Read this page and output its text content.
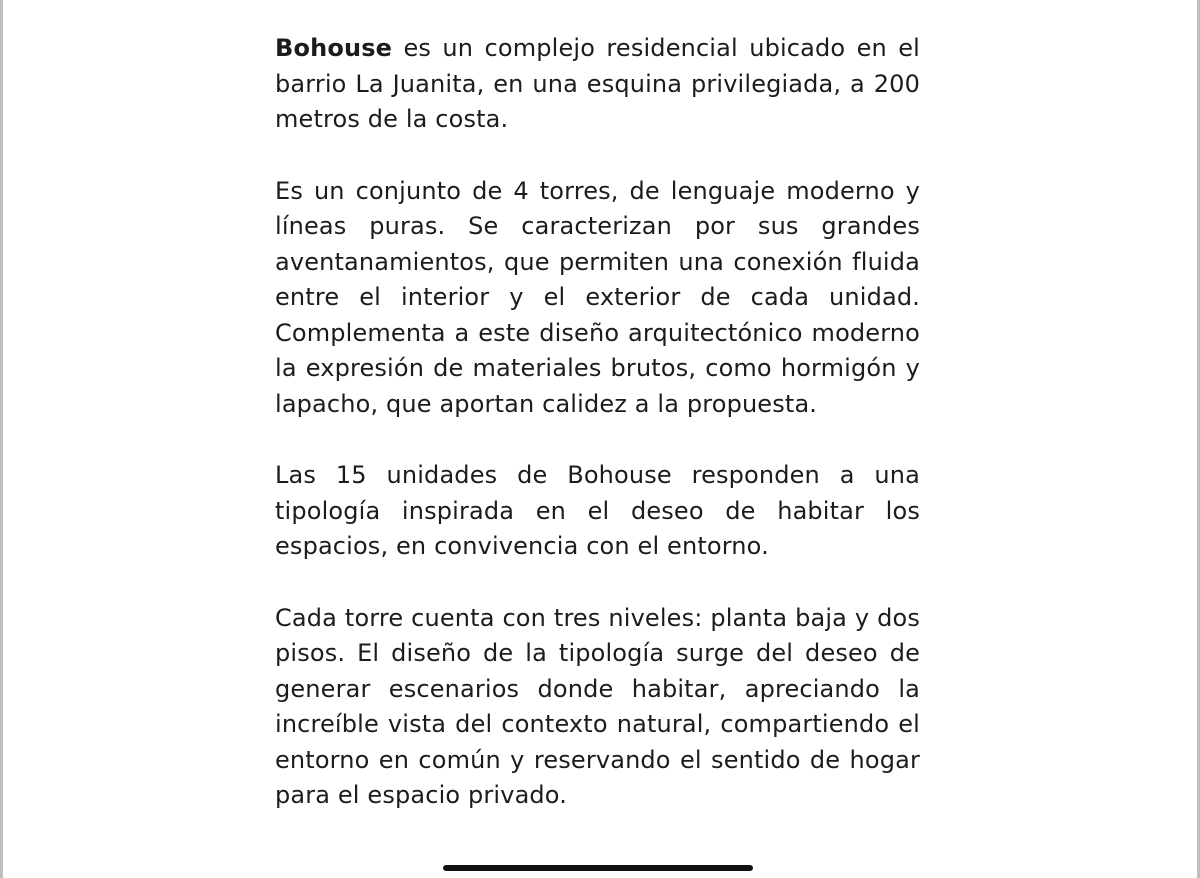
Bohouse es un complejo residencial ubicado en el barrio La Juanita, en una esquina privilegiada, a 200 metros de la costa.

Es un conjunto de 4 torres, de lenguaje moderno y líneas puras. Se caracterizan por sus grandes aventanamientos, que permiten una conexión fluida entre el interior y el exterior de cada unidad. Complementa a este diseño arquitectónico moderno la expresión de materiales brutos, como hormigón y lapacho, que aportan calidez a la propuesta.

Las 15 unidades de Bohouse responden a una tipología inspirada en el deseo de habitar los espacios, en convivencia con el entorno.

Cada torre cuenta con tres niveles: planta baja y dos pisos. El diseño de la tipología surge del deseo de generar escenarios donde habitar, apreciando la increíble vista del contexto natural, compartiendo el entorno en común y reservando el sentido de hogar para el espacio privado.
